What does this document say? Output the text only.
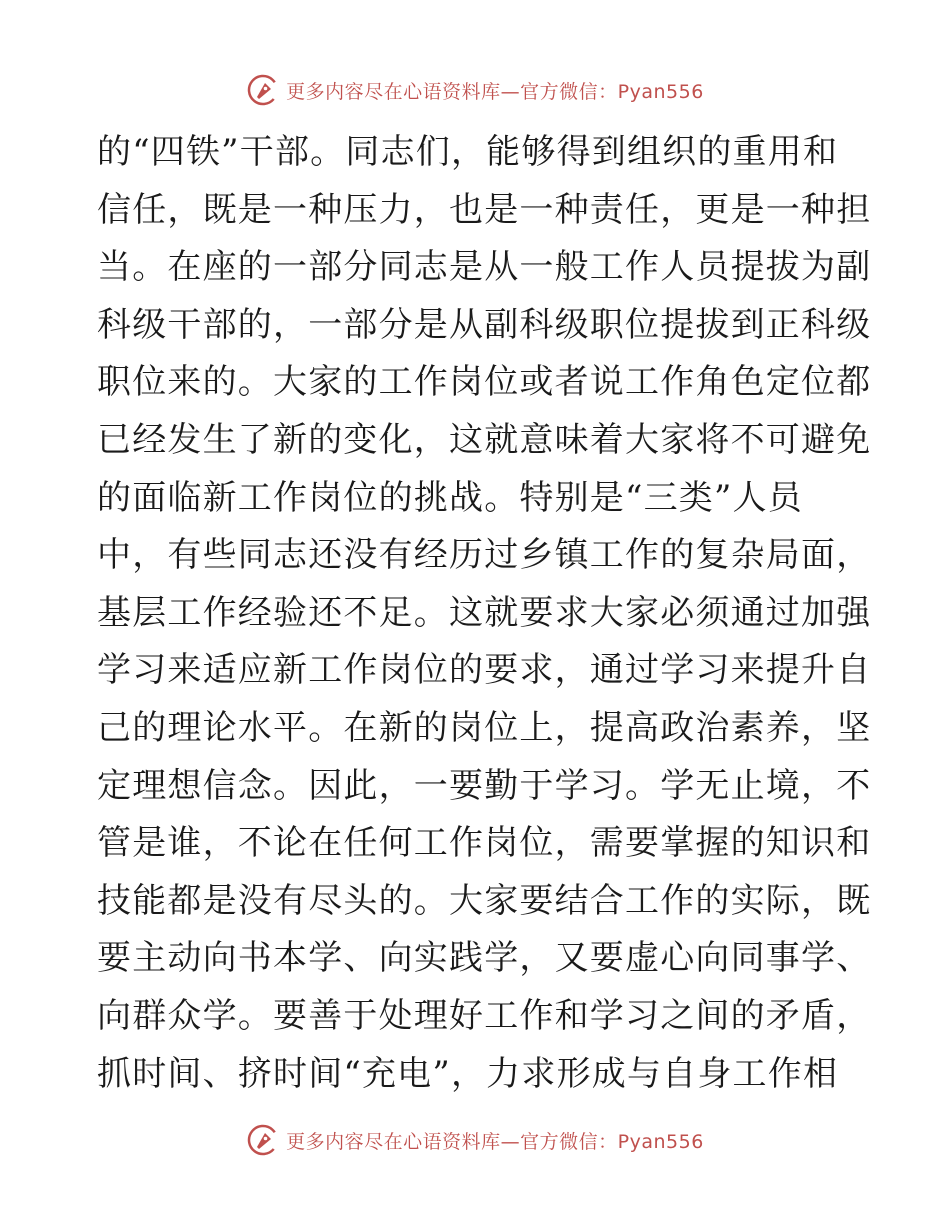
更多内容尽在心语资料库—官方微信：Pyan556
的“四铁”干部。同志们，能够得到组织的重用和
信任，既是一种压力，也是一种责任，更是一种担
当。在座的一部分同志是从一般工作人员提拔为副
科级干部的，一部分是从副科级职位提拔到正科级
职位来的。大家的工作岗位或者说工作角色定位都
已经发生了新的变化，这就意味着大家将不可避免
的面临新工作岗位的挑战。特别是“三类”人员
中，有些同志还没有经历过乡镇工作的复杂局面，
基层工作经验还不足。这就要求大家必须通过加强
学习来适应新工作岗位的要求，通过学习来提升自
己的理论水平。在新的岗位上，提高政治素养，坚
定理想信念。因此，一要勤于学习。学无止境，不
管是谁，不论在任何工作岗位，需要掌握的知识和
技能都是没有尽头的。大家要结合工作的实际，既
要主动向书本学、向实践学，又要虚心向同事学、
向群众学。要善于处理好工作和学习之间的矛盾，
抓时间、挤时间“充电”，力求形成与自身工作相
更多内容尽在心语资料库—官方微信：Pyan556
